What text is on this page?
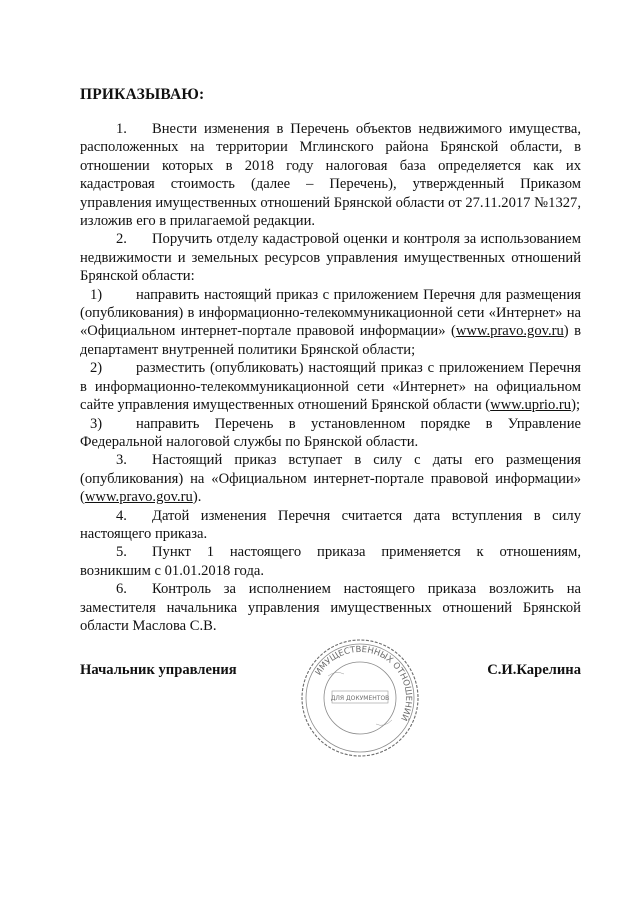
ПРИКАЗЫВАЮ:

1. Внести изменения в Перечень объектов недвижимого имущества, расположенных на территории Мглинского района Брянской области, в отношении которых в 2018 году налоговая база определяется как их кадастровая стоимость (далее – Перечень), утвержденный Приказом управления имущественных отношений Брянской области от 27.11.2017 №1327, изложив его в прилагаемой редакции.

2. Поручить отделу кадастровой оценки и контроля за использованием недвижимости и земельных ресурсов управления имущественных отношений Брянской области:

1) направить настоящий приказ с приложением Перечня для размещения (опубликования) в информационно-телекоммуникационной сети «Интернет» на «Официальном интернет-портале правовой информации» (www.pravo.gov.ru) в департамент внутренней политики Брянской области;

2) разместить (опубликовать) настоящий приказ с приложением Перечня в информационно-телекоммуникационной сети «Интернет» на официальном сайте управления имущественных отношений Брянской области (www.uprio.ru);

3) направить Перечень в установленном порядке в Управление Федеральной налоговой службы по Брянской области.

3. Настоящий приказ вступает в силу с даты его размещения (опубликования) на «Официальном интернет-портале правовой информации» (www.pravo.gov.ru).

4. Датой изменения Перечня считается дата вступления в силу настоящего приказа.

5. Пункт 1 настоящего приказа применяется к отношениям, возникшим с 01.01.2018 года.

6. Контроль за исполнением настоящего приказа возложить на заместителя начальника управления имущественных отношений Брянской области Маслова С.В.

Начальник управления	С.И.Карелина
ИМУЩЕСТВЕННЫХ ОТНОШЕНИЙ
ДЛЯ ДОКУМЕНТОВ
